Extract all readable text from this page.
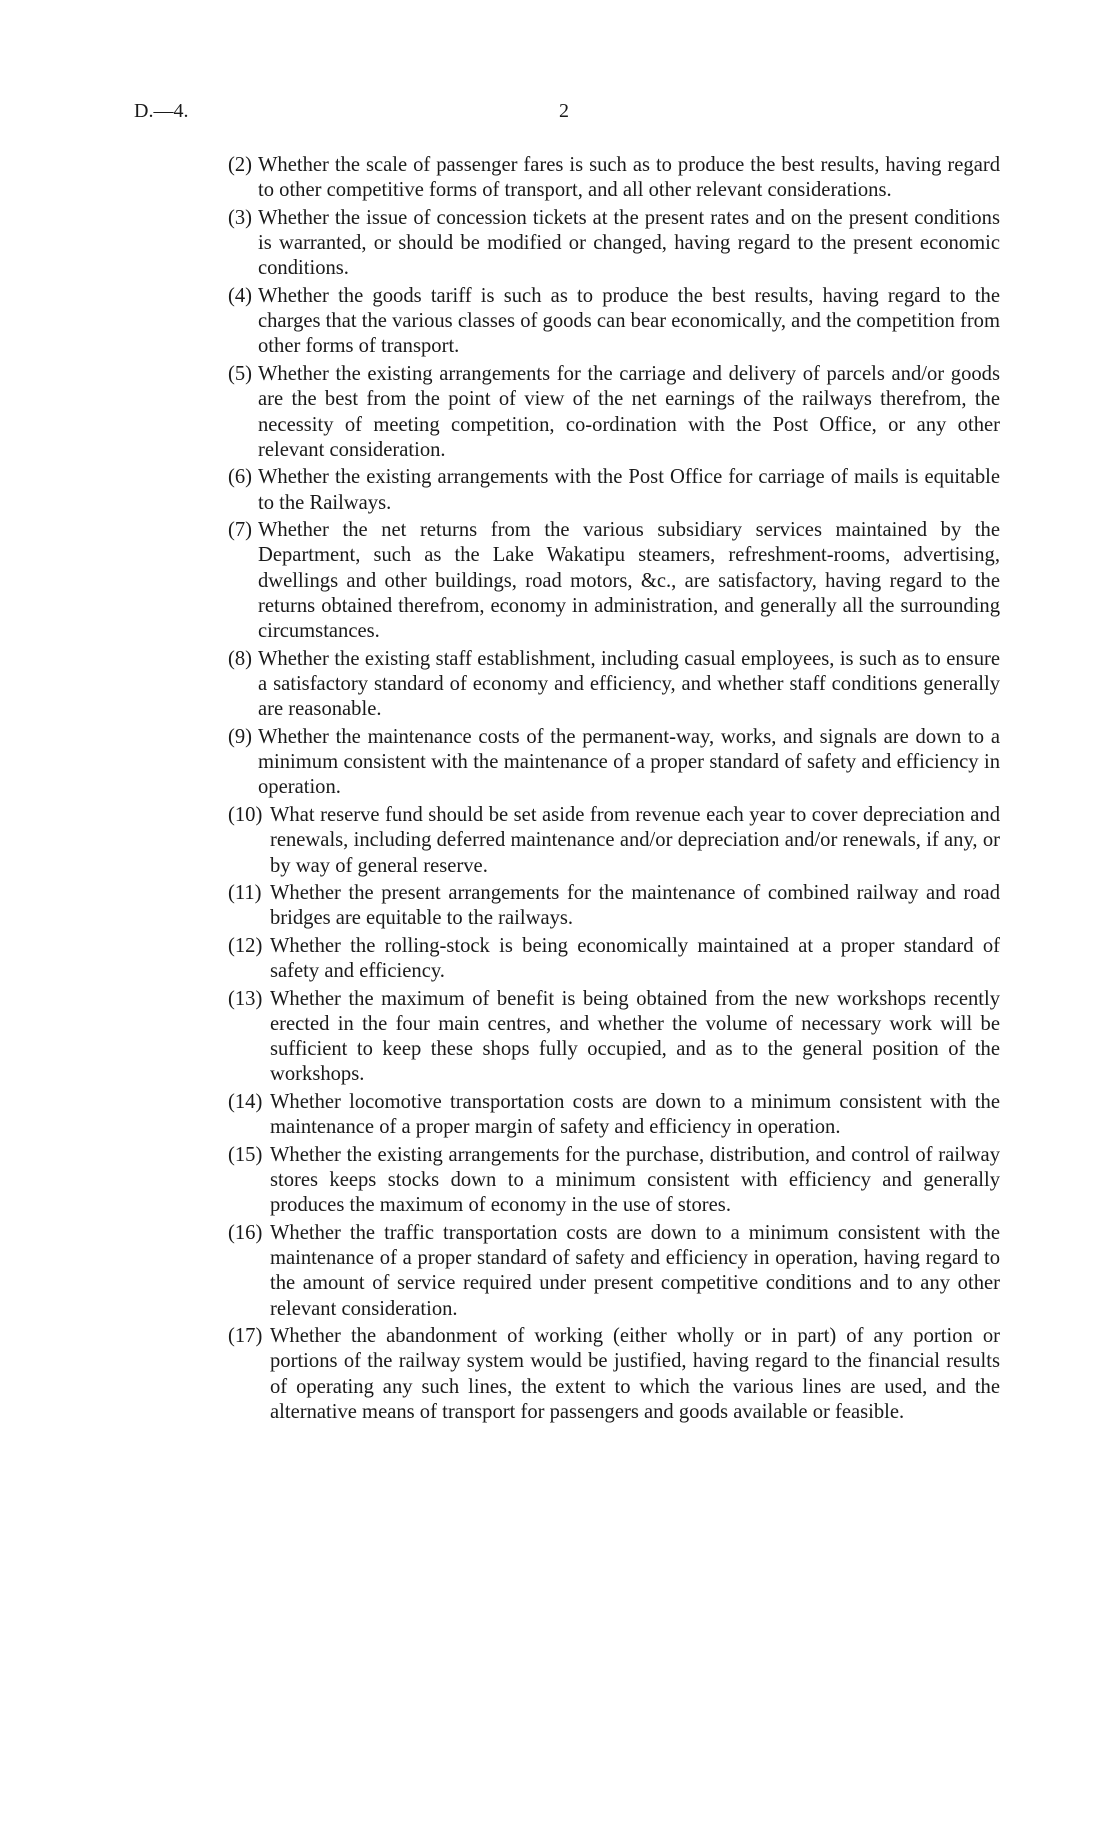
D.—4.	2
(2) Whether the scale of passenger fares is such as to produce the best results, having regard to other competitive forms of transport, and all other relevant considerations.
(3) Whether the issue of concession tickets at the present rates and on the present conditions is warranted, or should be modified or changed, having regard to the present economic conditions.
(4) Whether the goods tariff is such as to produce the best results, having regard to the charges that the various classes of goods can bear economically, and the competition from other forms of transport.
(5) Whether the existing arrangements for the carriage and delivery of parcels and/or goods are the best from the point of view of the net earnings of the railways therefrom, the necessity of meeting competition, co-ordination with the Post Office, or any other relevant consideration.
(6) Whether the existing arrangements with the Post Office for carriage of mails is equitable to the Railways.
(7) Whether the net returns from the various subsidiary services maintained by the Department, such as the Lake Wakatipu steamers, refreshment-rooms, advertising, dwellings and other buildings, road motors, &c., are satisfactory, having regard to the returns obtained therefrom, economy in administration, and generally all the surrounding circumstances.
(8) Whether the existing staff establishment, including casual employees, is such as to ensure a satisfactory standard of economy and efficiency, and whether staff conditions generally are reasonable.
(9) Whether the maintenance costs of the permanent-way, works, and signals are down to a minimum consistent with the maintenance of a proper standard of safety and efficiency in operation.
(10) What reserve fund should be set aside from revenue each year to cover depreciation and renewals, including deferred maintenance and/or depreciation and/or renewals, if any, or by way of general reserve.
(11) Whether the present arrangements for the maintenance of combined railway and road bridges are equitable to the railways.
(12) Whether the rolling-stock is being economically maintained at a proper standard of safety and efficiency.
(13) Whether the maximum of benefit is being obtained from the new workshops recently erected in the four main centres, and whether the volume of necessary work will be sufficient to keep these shops fully occupied, and as to the general position of the workshops.
(14) Whether locomotive transportation costs are down to a minimum consistent with the maintenance of a proper margin of safety and efficiency in operation.
(15) Whether the existing arrangements for the purchase, distribution, and control of railway stores keeps stocks down to a minimum consistent with efficiency and generally produces the maximum of economy in the use of stores.
(16) Whether the traffic transportation costs are down to a minimum consistent with the maintenance of a proper standard of safety and efficiency in operation, having regard to the amount of service required under present competitive conditions and to any other relevant consideration.
(17) Whether the abandonment of working (either wholly or in part) of any portion or portions of the railway system would be justified, having regard to the financial results of operating any such lines, the extent to which the various lines are used, and the alternative means of transport for passengers and goods available or feasible.
